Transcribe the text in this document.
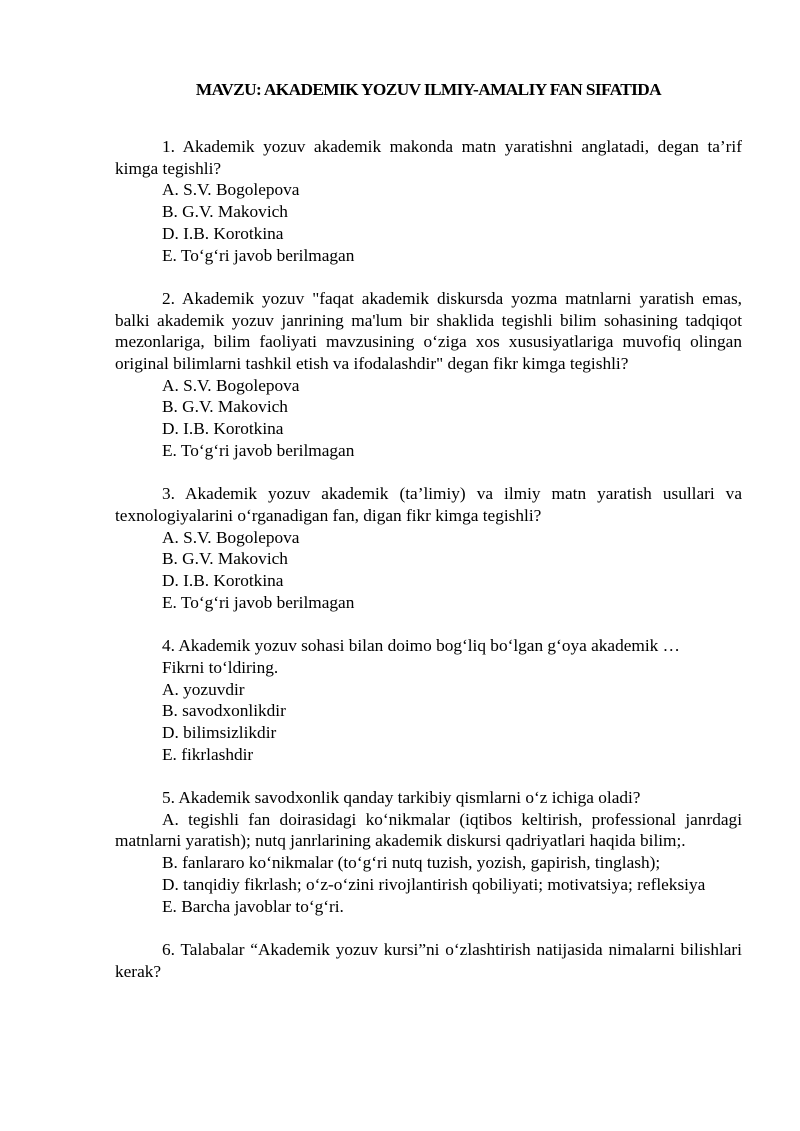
MAVZU: AKADEMIK YOZUV ILMIY-AMALIY FAN SIFATIDA

1. Akademik yozuv akademik makonda matn yaratishni anglatadi, degan ta’rif kimga tegishli?

A. S.V. Bogolepova

B. G.V. Makovich

D. I.B. Korotkina

E. To‘g‘ri javob berilmagan

2. Akademik yozuv "faqat akademik diskursda yozma matnlarni yaratish emas, balki akademik yozuv janrining ma'lum bir shaklida tegishli bilim sohasining tadqiqot mezonlariga, bilim faoliyati mavzusining o‘ziga xos xususiyatlariga muvofiq olingan original bilimlarni tashkil etish va ifodalashdir" degan fikr kimga tegishli?

A. S.V. Bogolepova

B. G.V. Makovich

D. I.B. Korotkina

E. To‘g‘ri javob berilmagan

3. Akademik yozuv akademik (ta’limiy) va ilmiy matn yaratish usullari va texnologiyalarini o‘rganadigan fan, digan fikr kimga tegishli?

A. S.V. Bogolepova

B. G.V. Makovich

D. I.B. Korotkina

E. To‘g‘ri javob berilmagan

4. Akademik yozuv sohasi bilan doimo bog‘liq bo‘lgan g‘oya akademik …

Fikrni to‘ldiring.

A. yozuvdir

B. savodxonlikdir

D. bilimsizlikdir

E. fikrlashdir

5. Akademik savodxonlik qanday tarkibiy qismlarni o‘z ichiga oladi?

A. tegishli fan doirasidagi ko‘nikmalar (iqtibos keltirish, professional janrdagi matnlarni yaratish); nutq janrlarining akademik diskursi qadriyatlari haqida bilim;.

B. fanlararo ko‘nikmalar (to‘g‘ri nutq tuzish, yozish, gapirish, tinglash);

D. tanqidiy fikrlash; o‘z-o‘zini rivojlantirish qobiliyati; motivatsiya; refleksiya

E. Barcha javoblar to‘g‘ri.

6. Talabalar “Akademik yozuv kursi”ni o‘zlashtirish natijasida nimalarni bilishlari kerak?
